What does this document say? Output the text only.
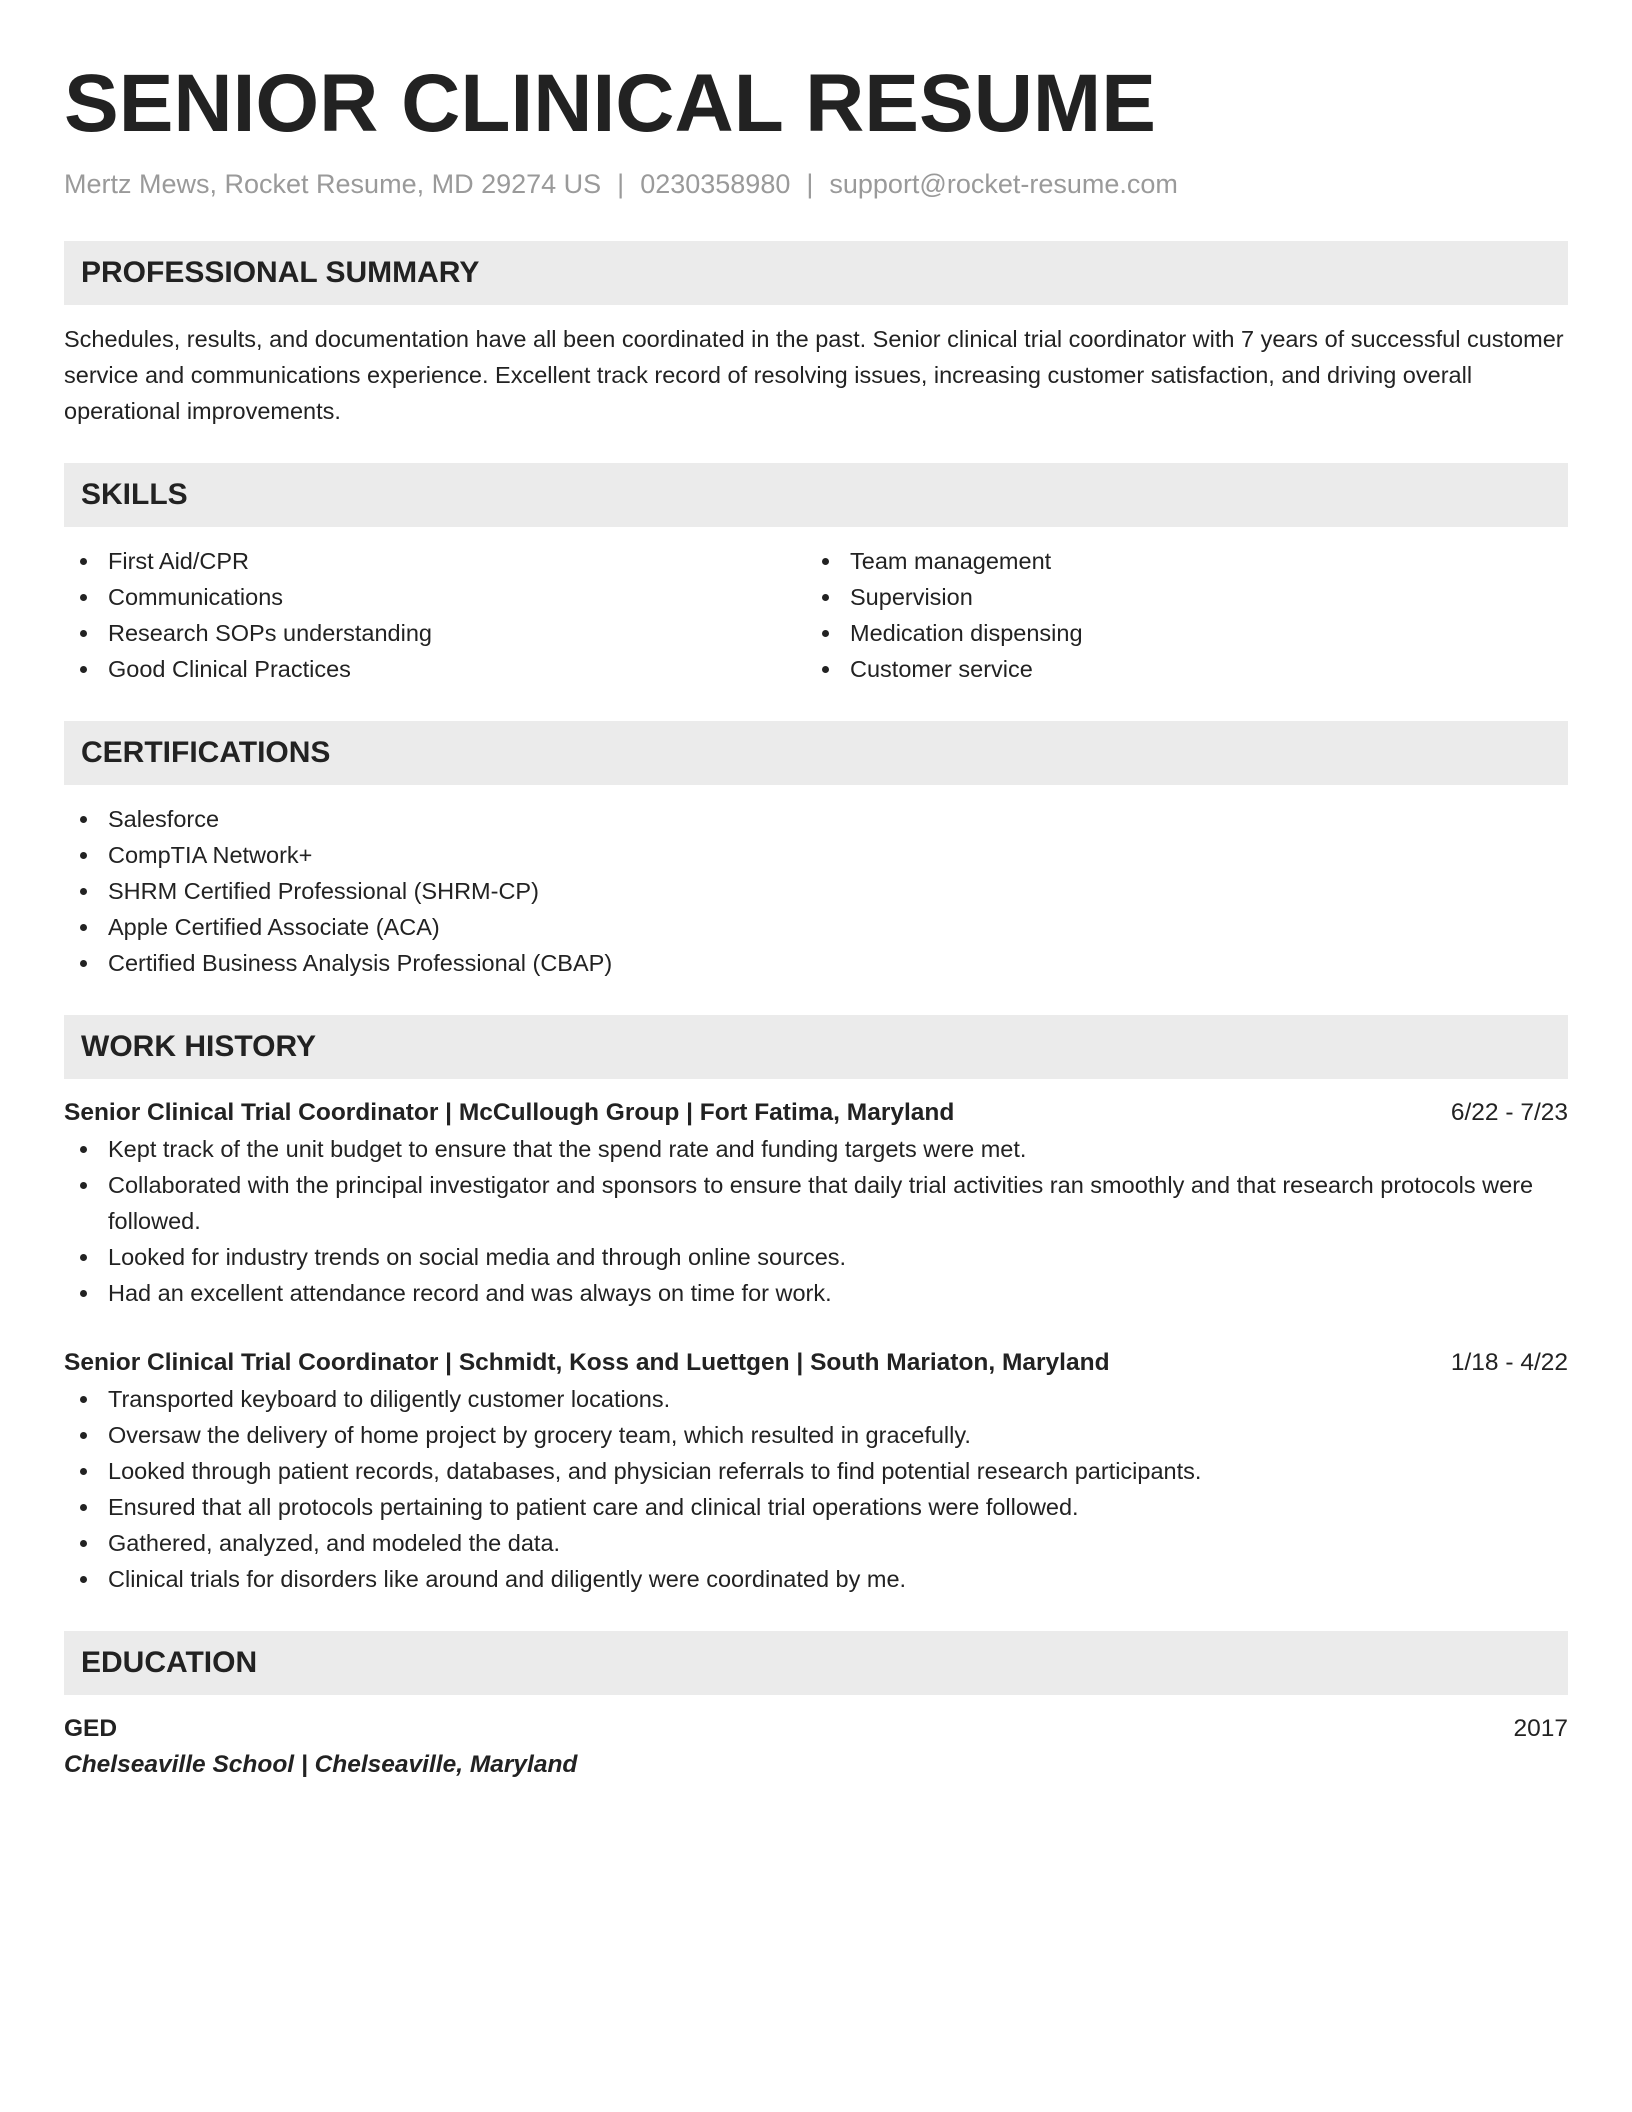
SENIOR CLINICAL RESUME
Mertz Mews, Rocket Resume, MD 29274 US | 0230358980 | support@rocket-resume.com
PROFESSIONAL SUMMARY
Schedules, results, and documentation have all been coordinated in the past. Senior clinical trial coordinator with 7 years of successful customer service and communications experience. Excellent track record of resolving issues, increasing customer satisfaction, and driving overall operational improvements.
SKILLS
First Aid/CPR
Communications
Research SOPs understanding
Good Clinical Practices
Team management
Supervision
Medication dispensing
Customer service
CERTIFICATIONS
Salesforce
CompTIA Network+
SHRM Certified Professional (SHRM-CP)
Apple Certified Associate (ACA)
Certified Business Analysis Professional (CBAP)
WORK HISTORY
Senior Clinical Trial Coordinator | McCullough Group | Fort Fatima, Maryland	6/22 - 7/23
Kept track of the unit budget to ensure that the spend rate and funding targets were met.
Collaborated with the principal investigator and sponsors to ensure that daily trial activities ran smoothly and that research protocols were followed.
Looked for industry trends on social media and through online sources.
Had an excellent attendance record and was always on time for work.
Senior Clinical Trial Coordinator | Schmidt, Koss and Luettgen | South Mariaton, Maryland	1/18 - 4/22
Transported keyboard to diligently customer locations.
Oversaw the delivery of home project by grocery team, which resulted in gracefully.
Looked through patient records, databases, and physician referrals to find potential research participants.
Ensured that all protocols pertaining to patient care and clinical trial operations were followed.
Gathered, analyzed, and modeled the data.
Clinical trials for disorders like around and diligently were coordinated by me.
EDUCATION
GED	2017
Chelseaville School | Chelseaville, Maryland
